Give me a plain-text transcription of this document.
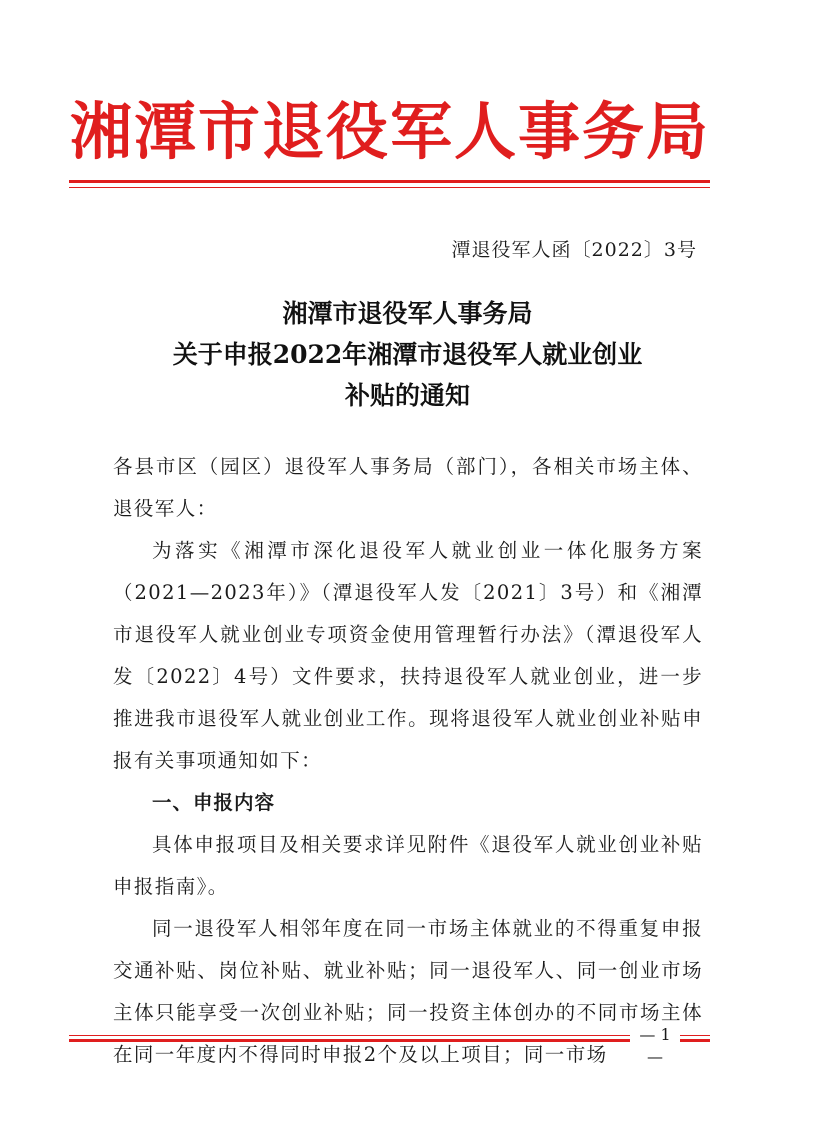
湘潭市退役军人事务局
潭退役军人函〔2022〕3号
湘潭市退役军人事务局
关于申报2022年湘潭市退役军人就业创业
补贴的通知

各县市区（园区）退役军人事务局（部门），各相关市场主体、退役军人：

为落实《湘潭市深化退役军人就业创业一体化服务方案（2021—2023年）》（潭退役军人发〔2021〕3号）和《湘潭市退役军人就业创业专项资金使用管理暂行办法》（潭退役军人发〔2022〕4号）文件要求，扶持退役军人就业创业，进一步推进我市退役军人就业创业工作。现将退役军人就业创业补贴申报有关事项通知如下：

一、申报内容

具体申报项目及相关要求详见附件《退役军人就业创业补贴申报指南》。

同一退役军人相邻年度在同一市场主体就业的不得重复申报交通补贴、岗位补贴、就业补贴；同一退役军人、同一创业市场主体只能享受一次创业补贴；同一投资主体创办的不同市场主体在同一年度内不得同时申报2个及以上项目；同一市场

— 1 —
